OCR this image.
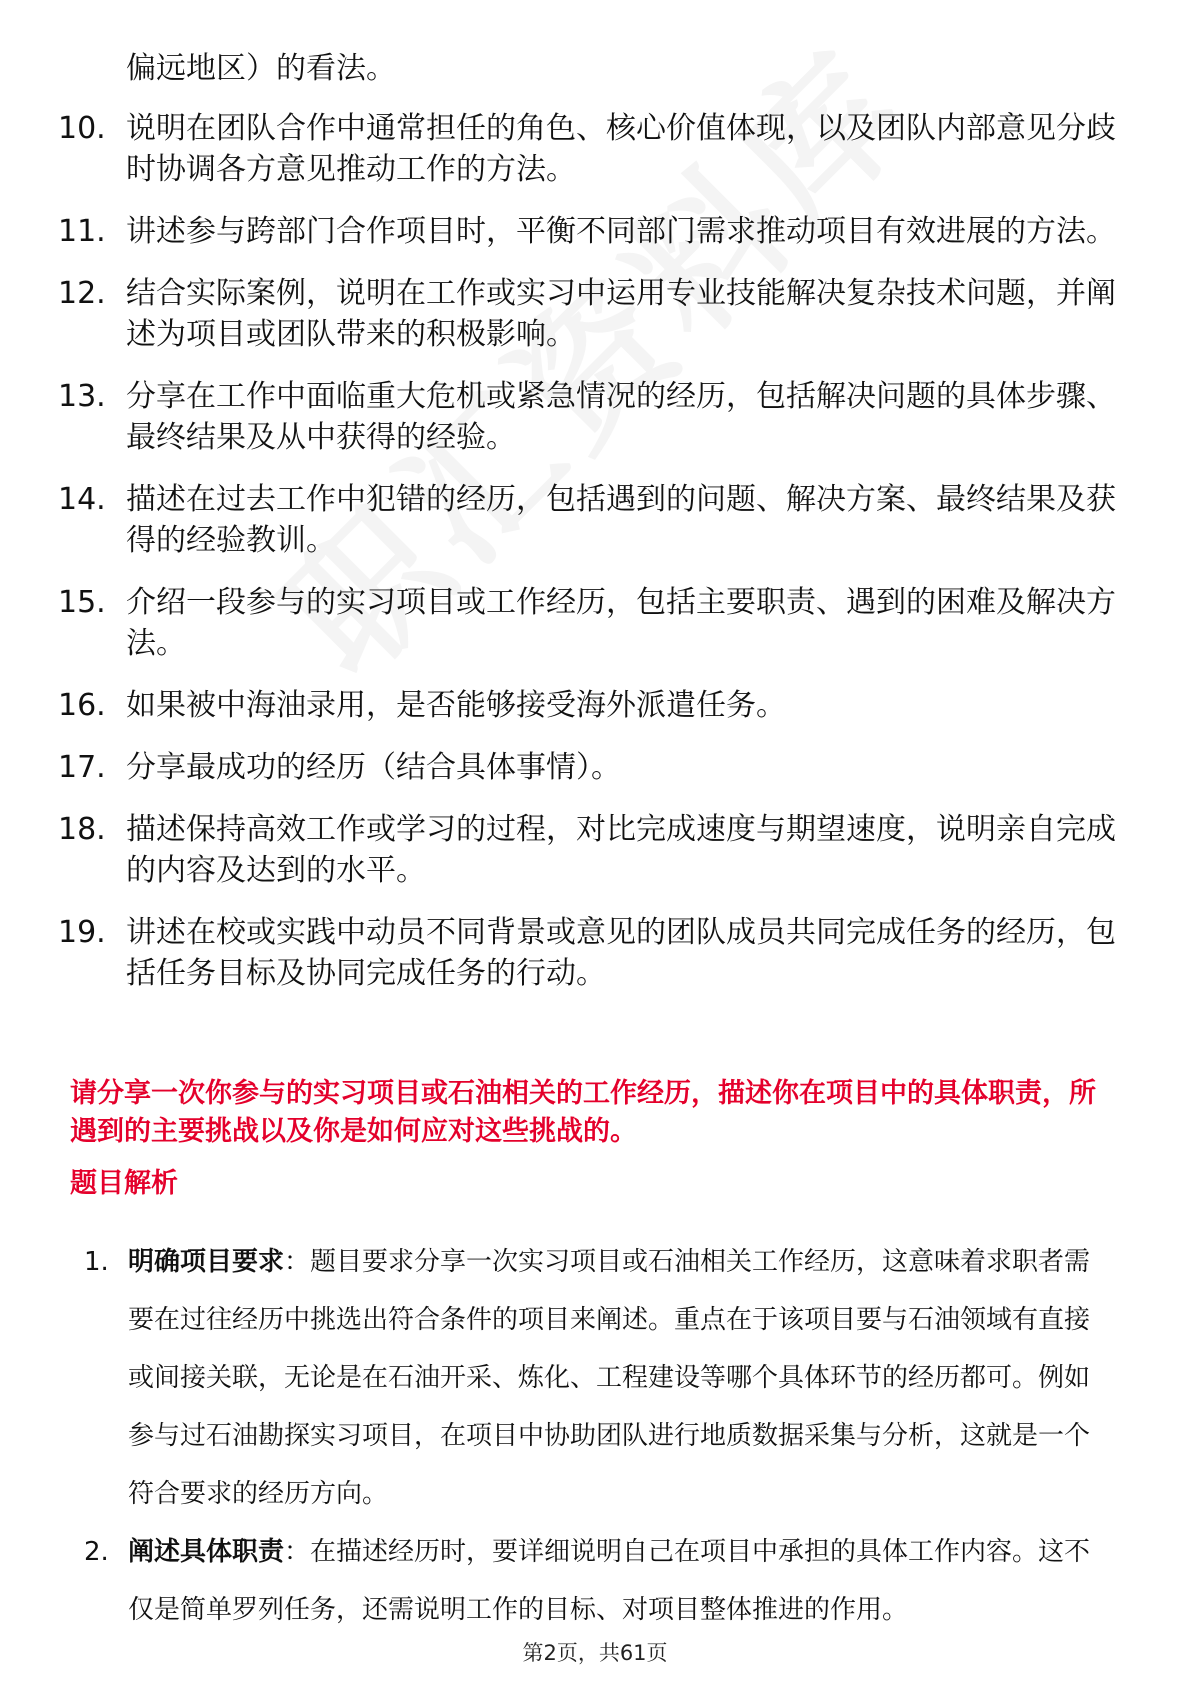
偏远地区）的看法。
10. 说明在团队合作中通常担任的角色、核心价值体现，以及团队内部意见分歧时协调各方意见推动工作的方法。
11. 讲述参与跨部门合作项目时，平衡不同部门需求推动项目有效进展的方法。
12. 结合实际案例，说明在工作或实习中运用专业技能解决复杂技术问题，并阐述为项目或团队带来的积极影响。
13. 分享在工作中面临重大危机或紧急情况的经历，包括解决问题的具体步骤、最终结果及从中获得的经验。
14. 描述在过去工作中犯错的经历，包括遇到的问题、解决方案、最终结果及获得的经验教训。
15. 介绍一段参与的实习项目或工作经历，包括主要职责、遇到的困难及解决方法。
16. 如果被中海油录用，是否能够接受海外派遣任务。
17. 分享最成功的经历（结合具体事情）。
18. 描述保持高效工作或学习的过程，对比完成速度与期望速度，说明亲自完成的内容及达到的水平。
19. 讲述在校或实践中动员不同背景或意见的团队成员共同完成任务的经历，包括任务目标及协同完成任务的行动。
请分享一次你参与的实习项目或石油相关的工作经历，描述你在项目中的具体职责，所遇到的主要挑战以及你是如何应对这些挑战的。
题目解析
1. 明确项目要求：题目要求分享一次实习项目或石油相关工作经历，这意味着求职者需要在过往经历中挑选出符合条件的项目来阐述。重点在于该项目要与石油领域有直接或间接关联，无论是在石油开采、炼化、工程建设等哪个具体环节的经历都可。例如参与过石油勘探实习项目，在项目中协助团队进行地质数据采集与分析，这就是一个符合要求的经历方向。
2. 阐述具体职责：在描述经历时，要详细说明自己在项目中承担的具体工作内容。这不仅是简单罗列任务，还需说明工作的目标、对项目整体推进的作用。
第2页，共61页
